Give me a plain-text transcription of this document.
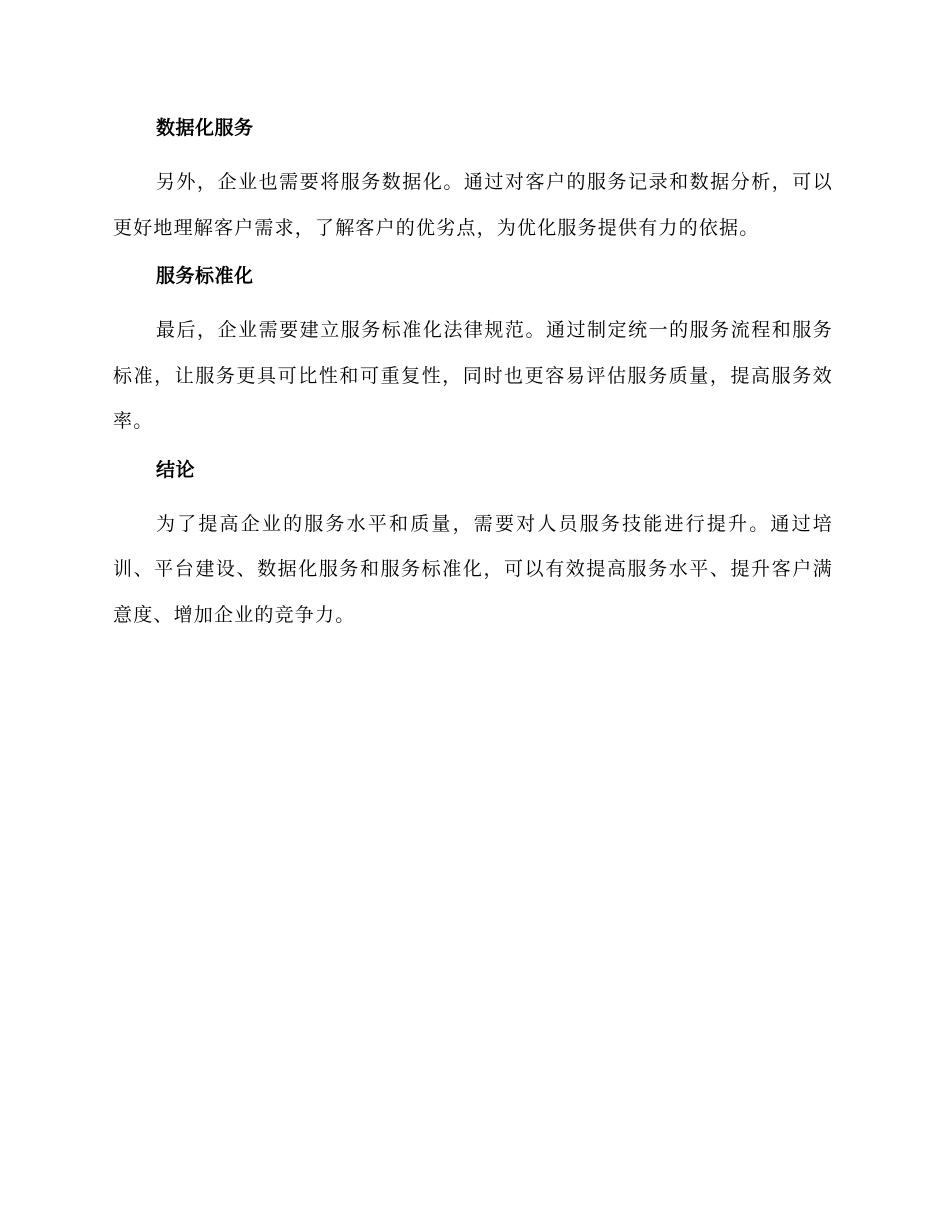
数据化服务

另外，企业也需要将服务数据化。通过对客户的服务记录和数据分析，可以更好地理解客户需求，了解客户的优劣点，为优化服务提供有力的依据。

服务标准化

最后，企业需要建立服务标准化法律规范。通过制定统一的服务流程和服务标准，让服务更具可比性和可重复性，同时也更容易评估服务质量，提高服务效率。

结论

为了提高企业的服务水平和质量，需要对人员服务技能进行提升。通过培训、平台建设、数据化服务和服务标准化，可以有效提高服务水平、提升客户满意度、增加企业的竞争力。
